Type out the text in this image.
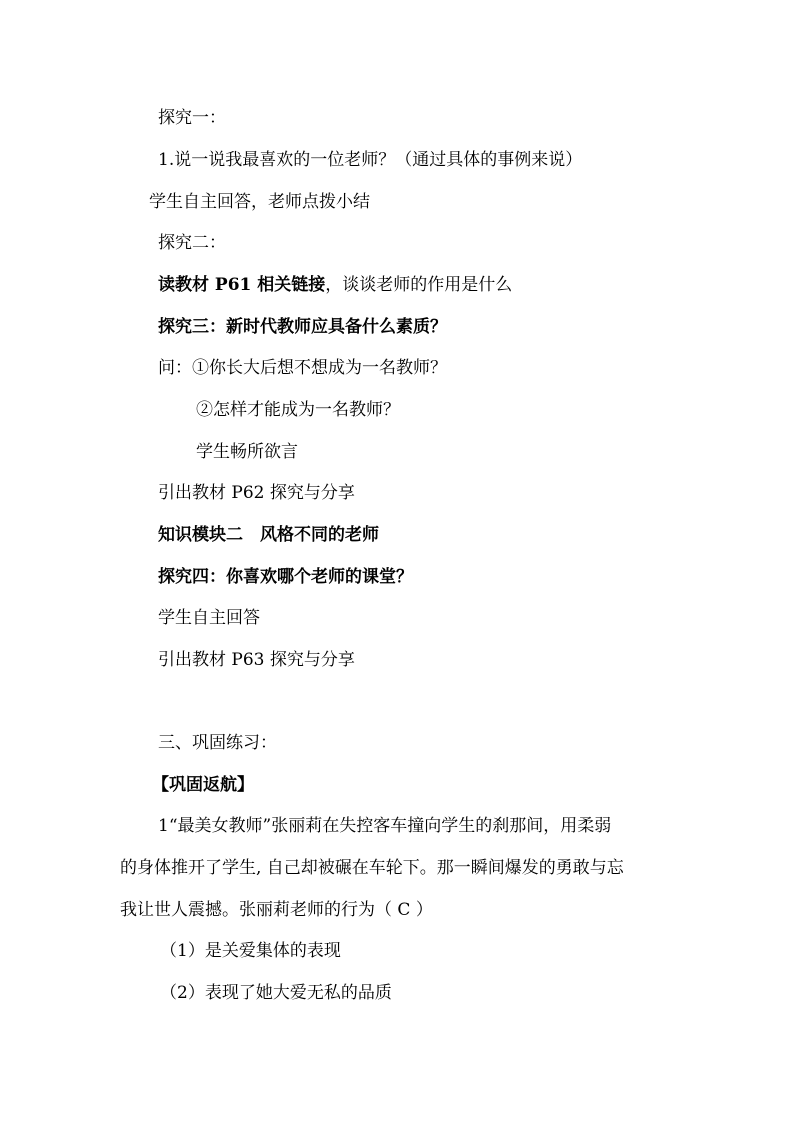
探究一：
1.说一说我最喜欢的一位老师？（通过具体的事例来说）
学生自主回答，老师点拨小结
探究二：
读教材 P61 相关链接，谈谈老师的作用是什么
探究三：新时代教师应具备什么素质？
问：①你长大后想不想成为一名教师？
②怎样才能成为一名教师？
学生畅所欲言
引出教材 P62 探究与分享
知识模块二　风格不同的老师
探究四：你喜欢哪个老师的课堂？
学生自主回答
引出教材 P63 探究与分享
三、巩固练习：
【巩固返航】
1“最美女教师”张丽莉在失控客车撞向学生的刹那间，用柔弱
的身体推开了学生, 自己却被碾在车轮下。那一瞬间爆发的勇敢与忘
我让世人震撼。张丽莉老师的行为（ C ）
（1）是关爱集体的表现
（2）表现了她大爱无私的品质
